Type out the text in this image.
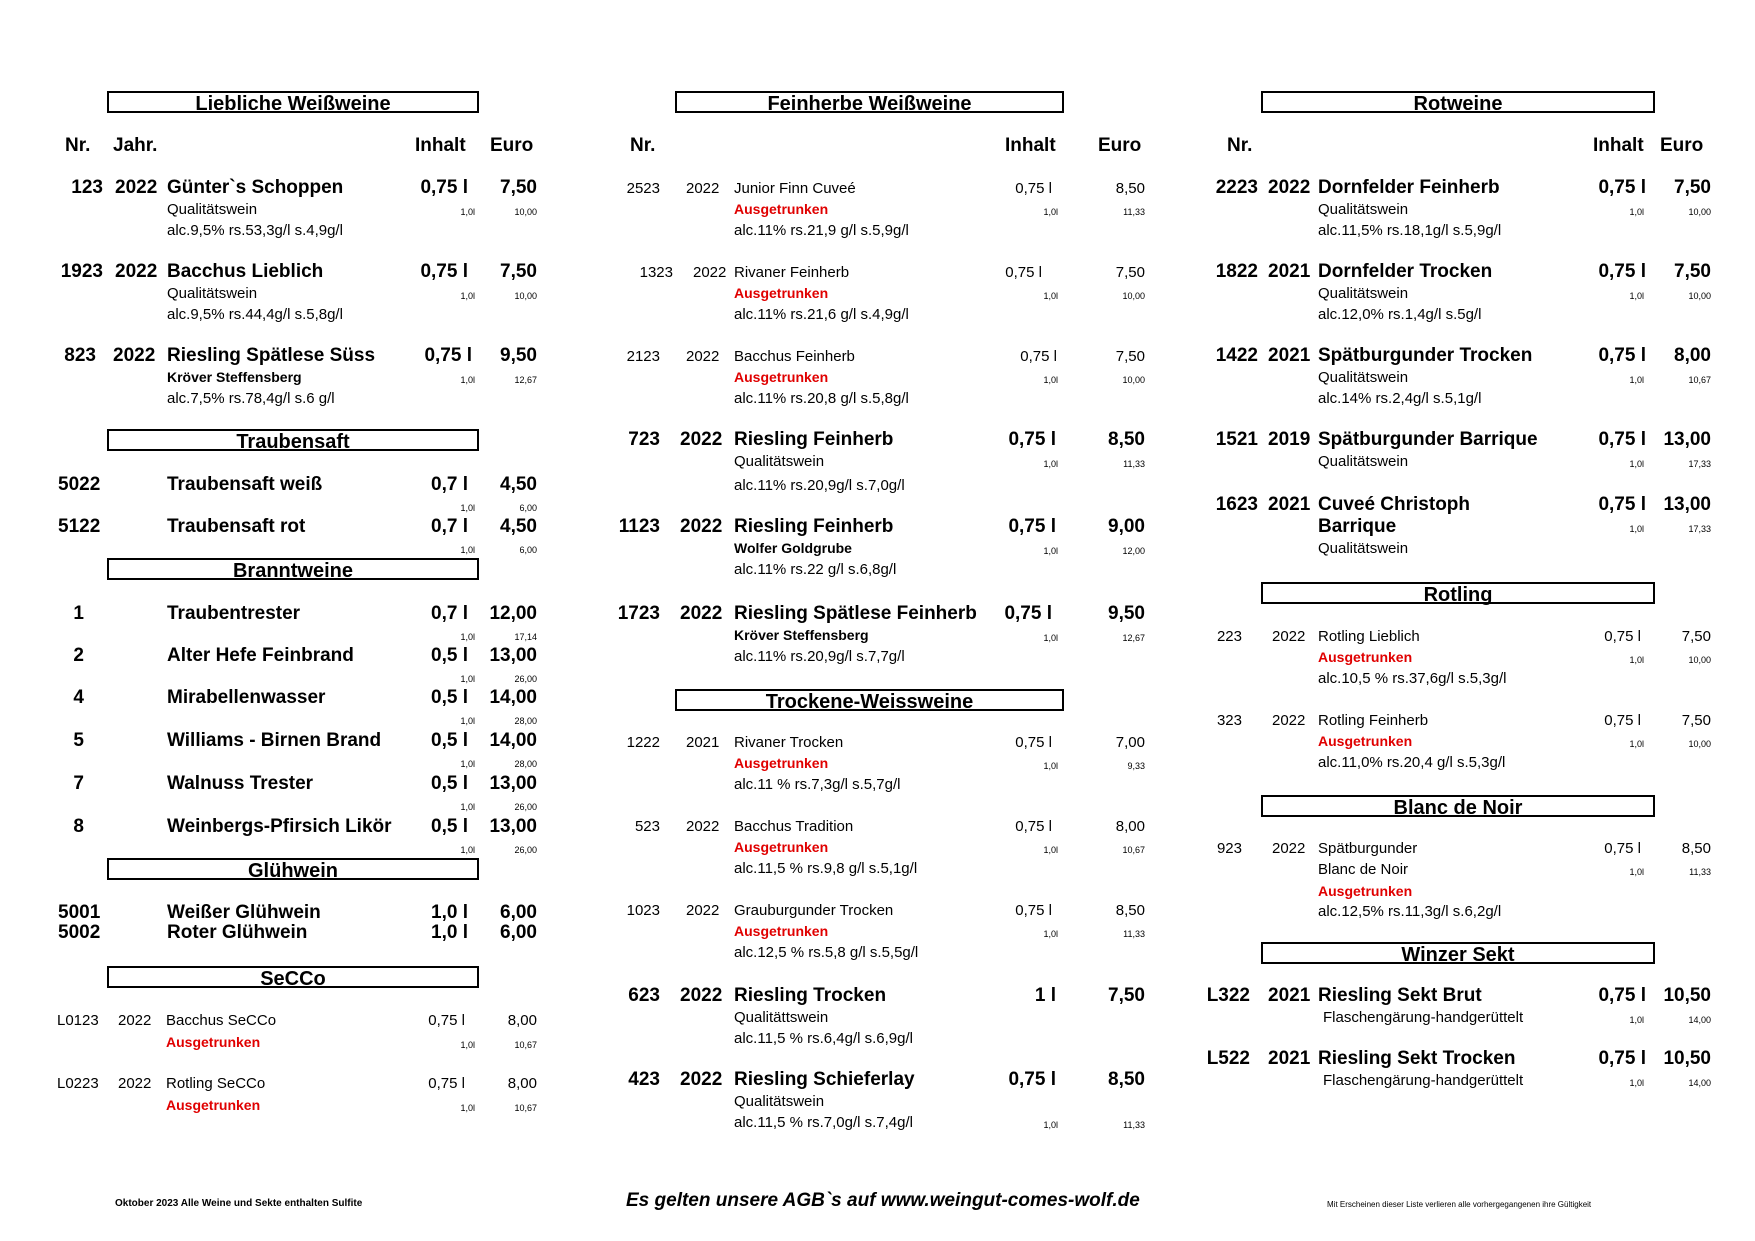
Liebliche Weißweine
Nr. Jahr.	Inhalt Euro
123 2022 Günter`s Schoppen	0,75 l	7,50
Qualitätswein	1,0l	10,00
alc.9,5% rs.53,3g/l s.4,9g/l
1923 2022 Bacchus Lieblich	0,75 l	7,50
Qualitätswein	1,0l	10,00
alc.9,5% rs.44,4g/l s.5,8g/l
823 2022 Riesling Spätlese Süss	0,75 l	9,50
Kröver Steffensberg	1,0l	12,67
alc.7,5% rs.78,4g/l s.6 g/l
Traubensaft
5022	Traubensaft weiß	0,7 l	4,50
1,0l	6,00
5122	Traubensaft rot	0,7 l	4,50
1,0l	6,00
Branntweine
1	Traubentrester	0,7 l	12,00
1,0l	17,14
2	Alter Hefe Feinbrand	0,5 l	13,00
1,0l	26,00
4	Mirabellenwasser	0,5 l	14,00
1,0l	28,00
5	Williams - Birnen Brand	0,5 l	14,00
1,0l	28,00
7	Walnuss Trester	0,5 l	13,00
1,0l	26,00
8	Weinbergs-Pfirsich Likör	0,5 l	13,00
1,0l	26,00
Glühwein
5001	Weißer Glühwein	1,0 l	6,00
5002	Roter Glühwein	1,0 l	6,00
SeCCo
L0123 2022 Bacchus SeCCo	0,75 l	8,00
Ausgetrunken	1,0l	10,67
L0223 2022 Rotling SeCCo	0,75 l	8,00
Ausgetrunken	1,0l	10,67
Feinherbe Weißweine
Nr.	Inhalt Euro
2523 2022 Junior Finn Cuveé	0,75 l	8,50
Ausgetrunken	1,0l	11,33
alc.11% rs.21,9 g/l s.5,9g/l
1323 2022 Rivaner Feinherb	0,75 l	7,50
Ausgetrunken	1,0l	10,00
alc.11% rs.21,6 g/l s.4,9g/l
2123 2022 Bacchus Feinherb	0,75 l	7,50
Ausgetrunken	1,0l	10,00
alc.11% rs.20,8 g/l s.5,8g/l
723 2022 Riesling Feinherb	0,75 l	8,50
Qualitätswein	1,0l	11,33
alc.11% rs.20,9g/l s.7,0g/l
1123 2022 Riesling Feinherb	0,75 l	9,00
Wolfer Goldgrube	1,0l	12,00
alc.11% rs.22 g/l s.6,8g/l
1723 2022 Riesling Spätlese Feinherb	0,75 l	9,50
Kröver Steffensberg	1,0l	12,67
alc.11% rs.20,9g/l s.7,7g/l
Trockene-Weissweine
1222 2021 Rivaner Trocken	0,75 l	7,00
Ausgetrunken	1,0l	9,33
alc.11 % rs.7,3g/l s.5,7g/l
523 2022 Bacchus Tradition	0,75 l	8,00
Ausgetrunken	1,0l	10,67
alc.11,5 % rs.9,8 g/l s.5,1g/l
1023 2022 Grauburgunder Trocken	0,75 l	8,50
Ausgetrunken	1,0l	11,33
alc.12,5 % rs.5,8 g/l s.5,5g/l
623 2022 Riesling Trocken	1 l	7,50
Qualitättswein
alc.11,5 % rs.6,4g/l s.6,9g/l
423 2022 Riesling Schieferlay	0,75 l	8,50
Qualitätswein
alc.11,5 % rs.7,0g/l s.7,4g/l	1,0l	11,33
Rotweine
Nr.	Inhalt Euro
2223 2022 Dornfelder Feinherb	0,75 l	7,50
Qualitätswein	1,0l	10,00
alc.11,5% rs.18,1g/l s.5,9g/l
1822 2021 Dornfelder Trocken	0,75 l	7,50
Qualitätswein	1,0l	10,00
alc.12,0% rs.1,4g/l s.5g/l
1422 2021 Spätburgunder Trocken	0,75 l	8,00
Qualitätswein	1,0l	10,67
alc.14% rs.2,4g/l s.5,1g/l
1521 2019 Spätburgunder Barrique	0,75 l 13,00
Qualitätswein	1,0l	17,33
1623 2021 Cuveé Christoph
Barrique
0,75 l 13,00
1,0l	17,33
Qualitätswein
Rotling
223 2022 Rotling Lieblich	0,75 l	7,50
Ausgetrunken	1,0l	10,00
alc.10,5 % rs.37,6g/l s.5,3g/l
323 2022 Rotling Feinherb	0,75 l	7,50
Ausgetrunken	1,0l	10,00
alc.11,0% rs.20,4 g/l s.5,3g/l
Blanc de Noir
923 2022 Spätburgunder	0,75 l	8,50
Blanc de Noir	1,0l	11,33
Ausgetrunken
alc.12,5% rs.11,3g/l s.6,2g/l
Winzer Sekt
L322 2021 Riesling Sekt Brut	0,75 l 10,50
Flaschengärung-handgerüttelt	1,0l	14,00
L522 2021 Riesling Sekt Trocken	0,75 l 10,50
Flaschengärung-handgerüttelt	1,0l	14,00
Oktober 2023 Alle Weine und Sekte enthalten Sulfite	Es gelten unsere AGB`s auf www.weingut-comes-wolf.de	Mit Erscheinen dieser Liste verlieren alle vorhergegangenen ihre Gültigkeit
